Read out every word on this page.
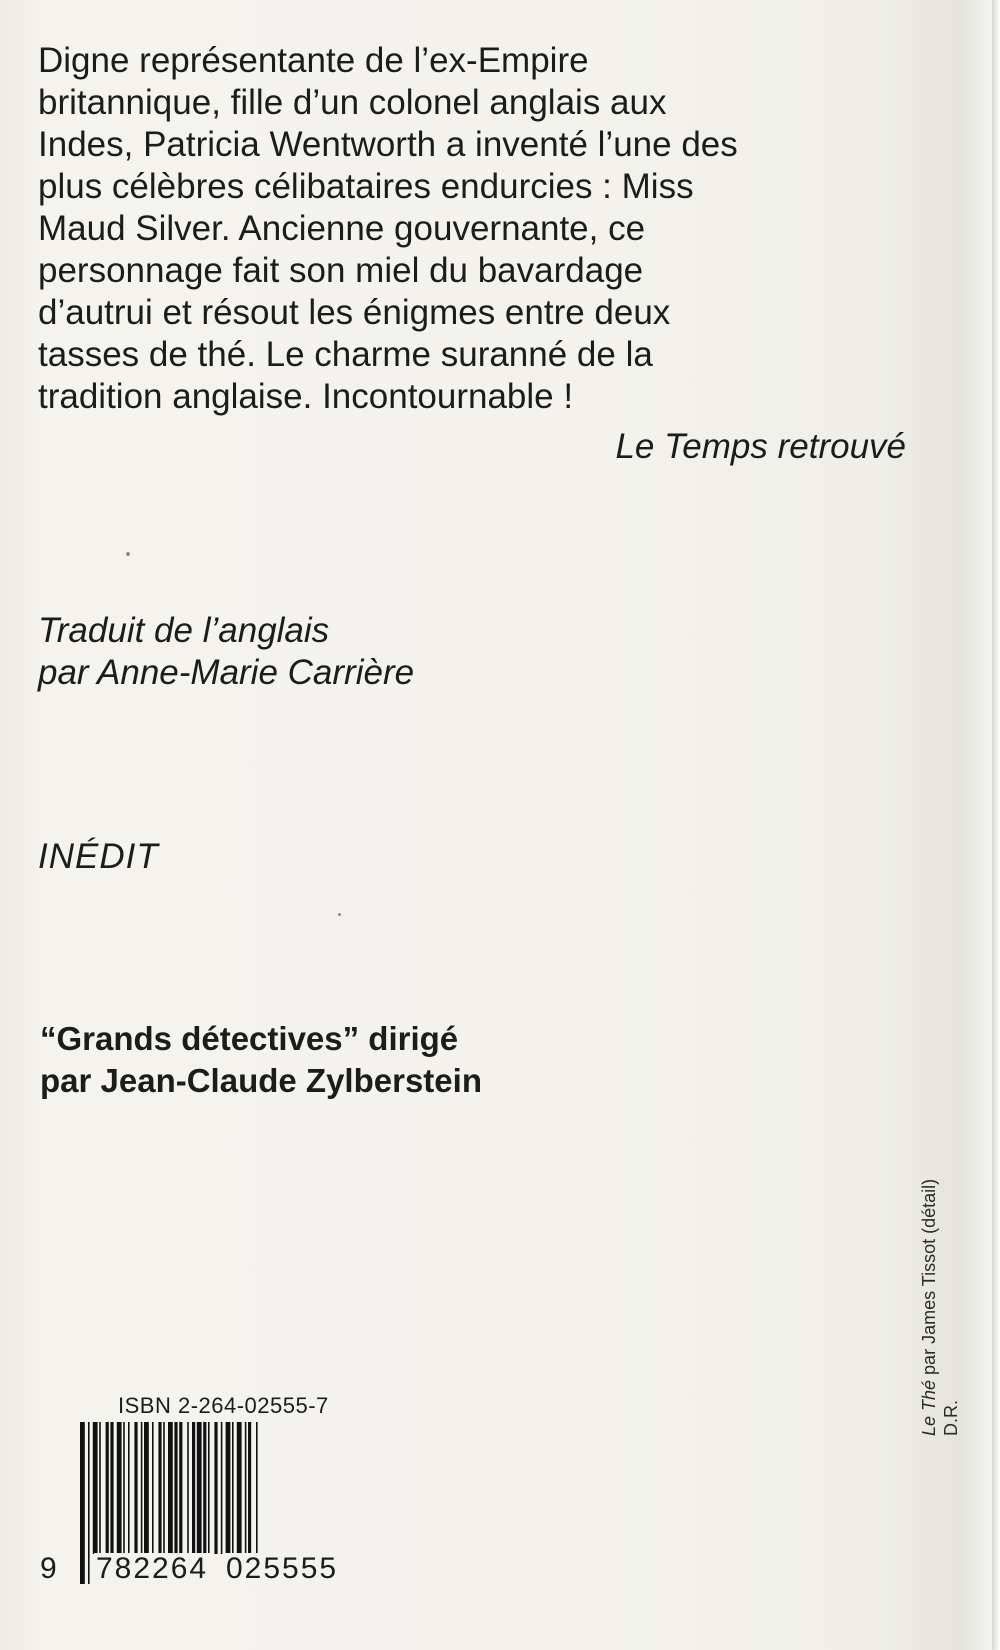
Digne représentante de l’ex-Empire
britannique, fille d’un colonel anglais aux
Indes, Patricia Wentworth a inventé l’une des
plus célèbres célibataires endurcies : Miss
Maud Silver. Ancienne gouvernante, ce
personnage fait son miel du bavardage
d’autrui et résout les énigmes entre deux
tasses de thé. Le charme suranné de la
tradition anglaise. Incontournable !

Le Temps retrouvé
Traduit de l’anglais
par Anne-Marie Carrière
INÉDIT
“Grands détectives” dirigé
par Jean-Claude Zylberstein
ISBN 2-264-02555-7
9 782264 025555
Le Thé par James Tissot (détail)
D.R.
